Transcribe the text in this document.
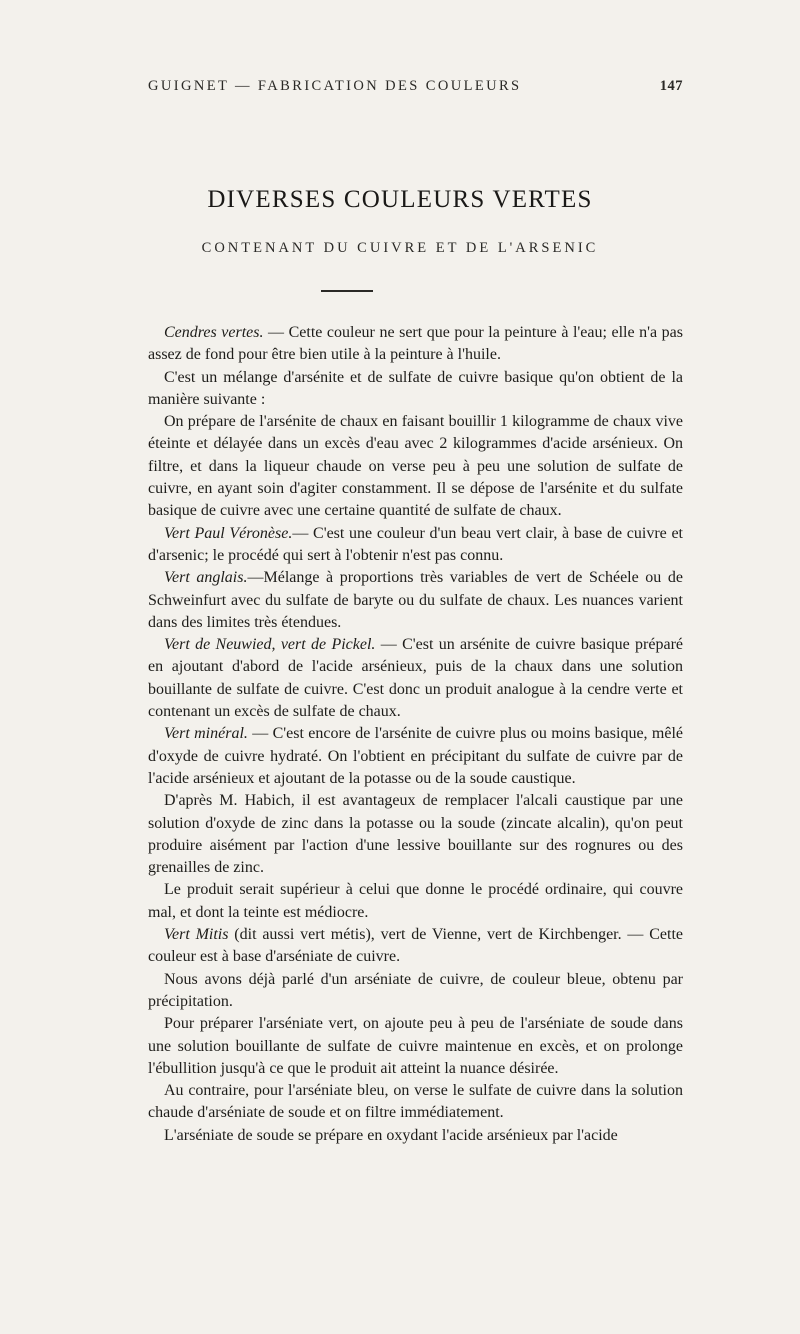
GUIGNET — FABRICATION DES COULEURS	147
DIVERSES COULEURS VERTES
CONTENANT DU CUIVRE ET DE L'ARSENIC

Cendres vertes. — Cette couleur ne sert que pour la peinture à l'eau; elle n'a pas assez de fond pour être bien utile à la peinture à l'huile.

C'est un mélange d'arsénite et de sulfate de cuivre basique qu'on obtient de la manière suivante :

On prépare de l'arsénite de chaux en faisant bouillir 1 kilogramme de chaux vive éteinte et délayée dans un excès d'eau avec 2 kilogrammes d'acide arsénieux. On filtre, et dans la liqueur chaude on verse peu à peu une solution de sulfate de cuivre, en ayant soin d'agiter constamment. Il se dépose de l'arsénite et du sulfate basique de cuivre avec une certaine quantité de sulfate de chaux.

Vert Paul Véronèse.— C'est une couleur d'un beau vert clair, à base de cuivre et d'arsenic; le procédé qui sert à l'obtenir n'est pas connu.

Vert anglais.—Mélange à proportions très variables de vert de Schéele ou de Schweinfurt avec du sulfate de baryte ou du sulfate de chaux. Les nuances varient dans des limites très étendues.

Vert de Neuwied, vert de Pickel. — C'est un arsénite de cuivre basique préparé en ajoutant d'abord de l'acide arsénieux, puis de la chaux dans une solution bouillante de sulfate de cuivre. C'est donc un produit analogue à la cendre verte et contenant un excès de sulfate de chaux.

Vert minéral. — C'est encore de l'arsénite de cuivre plus ou moins basique, mêlé d'oxyde de cuivre hydraté. On l'obtient en précipitant du sulfate de cuivre par de l'acide arsénieux et ajoutant de la potasse ou de la soude caustique.

D'après M. Habich, il est avantageux de remplacer l'alcali caustique par une solution d'oxyde de zinc dans la potasse ou la soude (zincate alcalin), qu'on peut produire aisément par l'action d'une lessive bouillante sur des rognures ou des grenailles de zinc.

Le produit serait supérieur à celui que donne le procédé ordinaire, qui couvre mal, et dont la teinte est médiocre.

Vert Mitis (dit aussi vert métis), vert de Vienne, vert de Kirchbenger. — Cette couleur est à base d'arséniate de cuivre.

Nous avons déjà parlé d'un arséniate de cuivre, de couleur bleue, obtenu par précipitation.

Pour préparer l'arséniate vert, on ajoute peu à peu de l'arséniate de soude dans une solution bouillante de sulfate de cuivre maintenue en excès, et on prolonge l'ébullition jusqu'à ce que le produit ait atteint la nuance désirée.

Au contraire, pour l'arséniate bleu, on verse le sulfate de cuivre dans la solution chaude d'arséniate de soude et on filtre immédiatement.

L'arséniate de soude se prépare en oxydant l'acide arsénieux par l'acide
